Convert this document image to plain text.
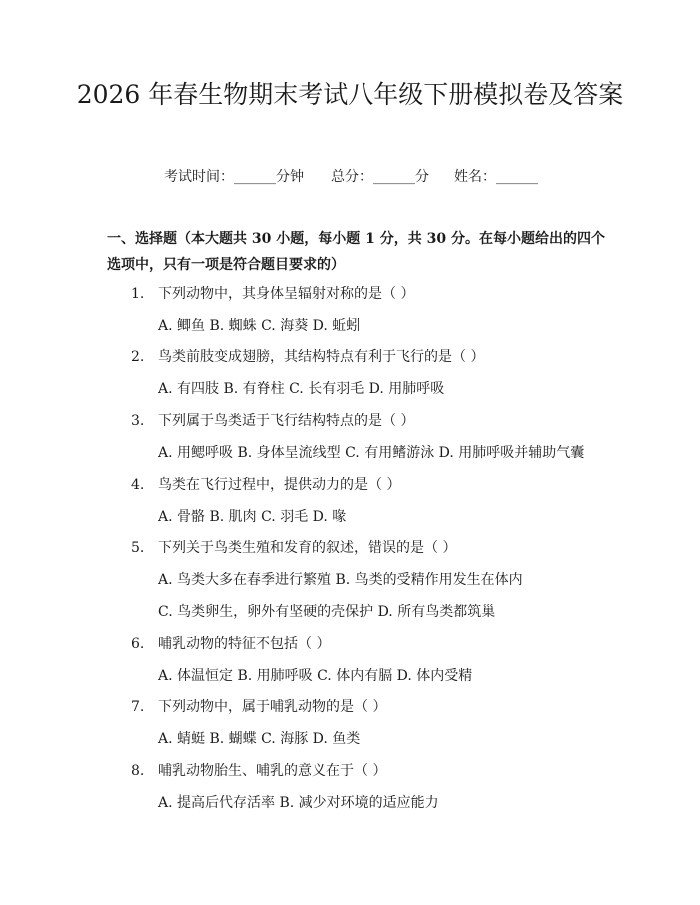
2026 年春生物期末考试八年级下册模拟卷及答案
考试时间：______分钟 总分：______分 姓名：______

一、选择题（本大题共 30 小题，每小题 1 分，共 30 分。在每小题给出的四个选项中，只有一项是符合题目要求的）

1. 下列动物中，其身体呈辐射对称的是（ ）
A. 鲫鱼 B. 蜘蛛 C. 海葵 D. 蚯蚓
2. 鸟类前肢变成翅膀，其结构特点有利于飞行的是（ ）
A. 有四肢 B. 有脊柱 C. 长有羽毛 D. 用肺呼吸
3. 下列属于鸟类适于飞行结构特点的是（ ）
A. 用鳃呼吸 B. 身体呈流线型 C. 有用鳍游泳 D. 用肺呼吸并辅助气囊
4. 鸟类在飞行过程中，提供动力的是（ ）
A. 骨骼 B. 肌肉 C. 羽毛 D. 喙
5. 下列关于鸟类生殖和发育的叙述，错误的是（ ）
A. 鸟类大多在春季进行繁殖 B. 鸟类的受精作用发生在体内
C. 鸟类卵生，卵外有坚硬的壳保护 D. 所有鸟类都筑巢
6. 哺乳动物的特征不包括（ ）
A. 体温恒定 B. 用肺呼吸 C. 体内有膈 D. 体内受精
7. 下列动物中，属于哺乳动物的是（ ）
A. 蜻蜓 B. 蝴蝶 C. 海豚 D. 鱼类
8. 哺乳动物胎生、哺乳的意义在于（ ）
A. 提高后代存活率 B. 减少对环境的适应能力
